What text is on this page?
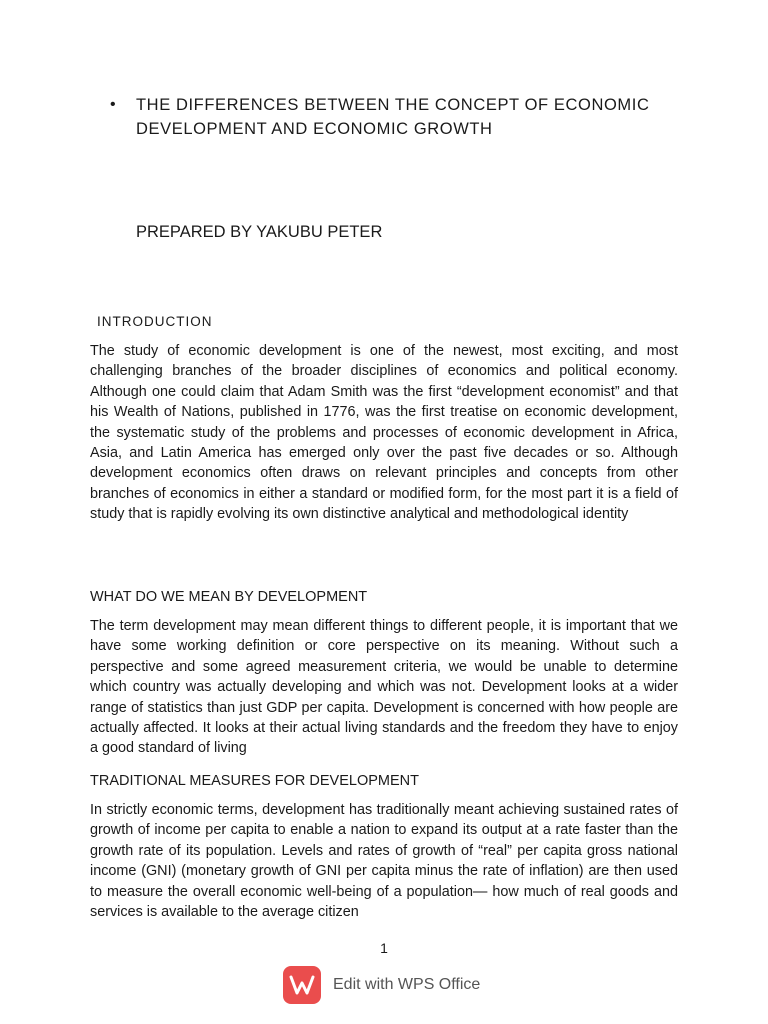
•	THE DIFFERENCES BETWEEN THE CONCEPT OF ECONOMIC DEVELOPMENT AND ECONOMIC GROWTH
PREPARED BY YAKUBU PETER
INTRODUCTION

The study of economic development is one of the newest, most exciting, and most challenging branches of the broader disciplines of economics and political economy. Although one could claim that Adam Smith was the first “development economist” and that his Wealth of Nations, published in 1776, was the first treatise on economic development, the systematic study of the problems and processes of economic development in Africa, Asia, and Latin America has emerged only over the past five decades or so. Although development economics often draws on relevant principles and concepts from other branches of economics in either a standard or modified form, for the most part it is a field of study that is rapidly evolving its own distinctive analytical and methodological identity

WHAT DO WE MEAN BY DEVELOPMENT

The term development may mean different things to different people, it is important that we have some working definition or core perspective on its meaning. Without such a perspective and some agreed measurement criteria, we would be unable to determine which country was actually developing and which was not. Development looks at a wider range of statistics than just GDP per capita. Development is concerned with how people are actually affected. It looks at their actual living standards and the freedom they have to enjoy a good standard of living

TRADITIONAL MEASURES FOR DEVELOPMENT

In strictly economic terms, development has traditionally meant achieving sustained rates of growth of income per capita to enable a nation to expand its output at a rate faster than the growth rate of its population. Levels and rates of growth of “real” per capita gross national income (GNI) (monetary growth of GNI per capita minus the rate of inflation) are then used to measure the overall economic well-being of a population— how much of real goods and services is available to the average citizen

1
Edit with WPS Office
